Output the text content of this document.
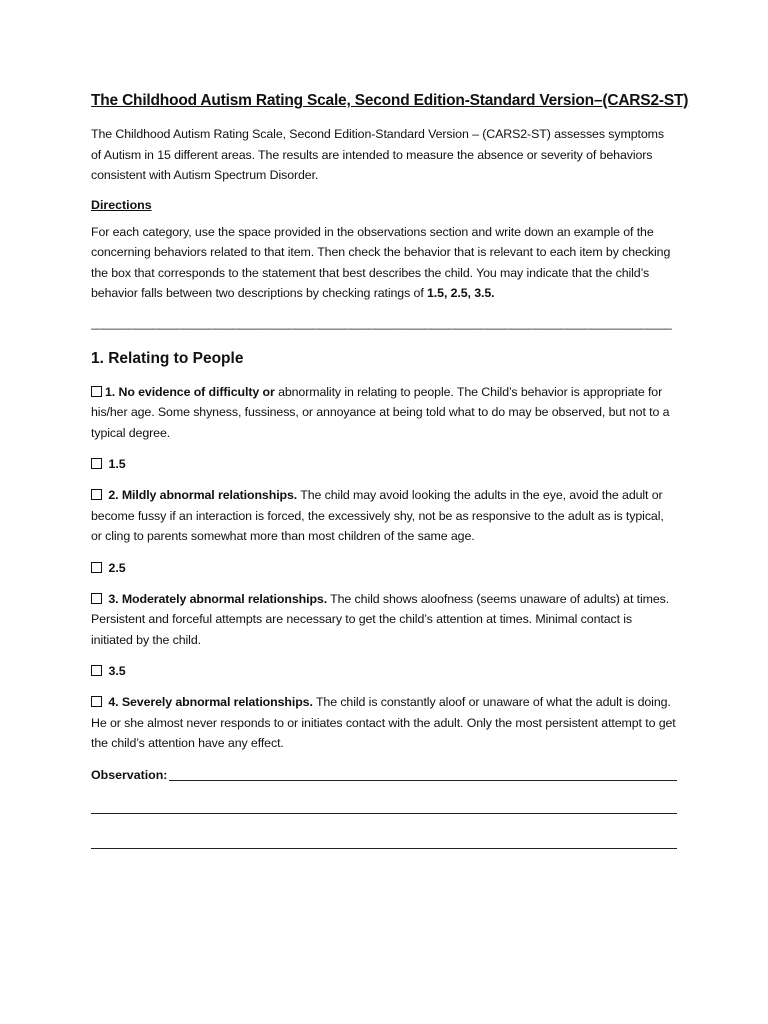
The Childhood Autism Rating Scale, Second Edition-Standard Version–(CARS2-ST)
The Childhood Autism Rating Scale, Second Edition-Standard Version – (CARS2-ST) assesses symptoms of Autism in 15 different areas. The results are intended to measure the absence or severity of behaviors consistent with Autism Spectrum Disorder.
Directions
For each category, use the space provided in the observations section and write down an example of the concerning behaviors related to that item. Then check the behavior that is relevant to each item by checking the box that corresponds to the statement that best describes the child. You may indicate that the child’s behavior falls between two descriptions by checking ratings of 1.5, 2.5, 3.5.
______________________________________________________________________________________________
1. Relating to People
1. No evidence of difficulty or abnormality in relating to people. The Child’s behavior is appropriate for his/her age. Some shyness, fussiness, or annoyance at being told what to do may be observed, but not to a typical degree.
1.5
2. Mildly abnormal relationships. The child may avoid looking the adults in the eye, avoid the adult or become fussy if an interaction is forced, the excessively shy, not be as responsive to the adult as is typical, or cling to parents somewhat more than most children of the same age.
2.5
3. Moderately abnormal relationships. The child shows aloofness (seems unaware of adults) at times. Persistent and forceful attempts are necessary to get the child’s attention at times. Minimal contact is initiated by the child.
3.5
4. Severely abnormal relationships. The child is constantly aloof or unaware of what the adult is doing. He or she almost never responds to or initiates contact with the adult. Only the most persistent attempt to get the child’s attention have any effect.
Observation:
